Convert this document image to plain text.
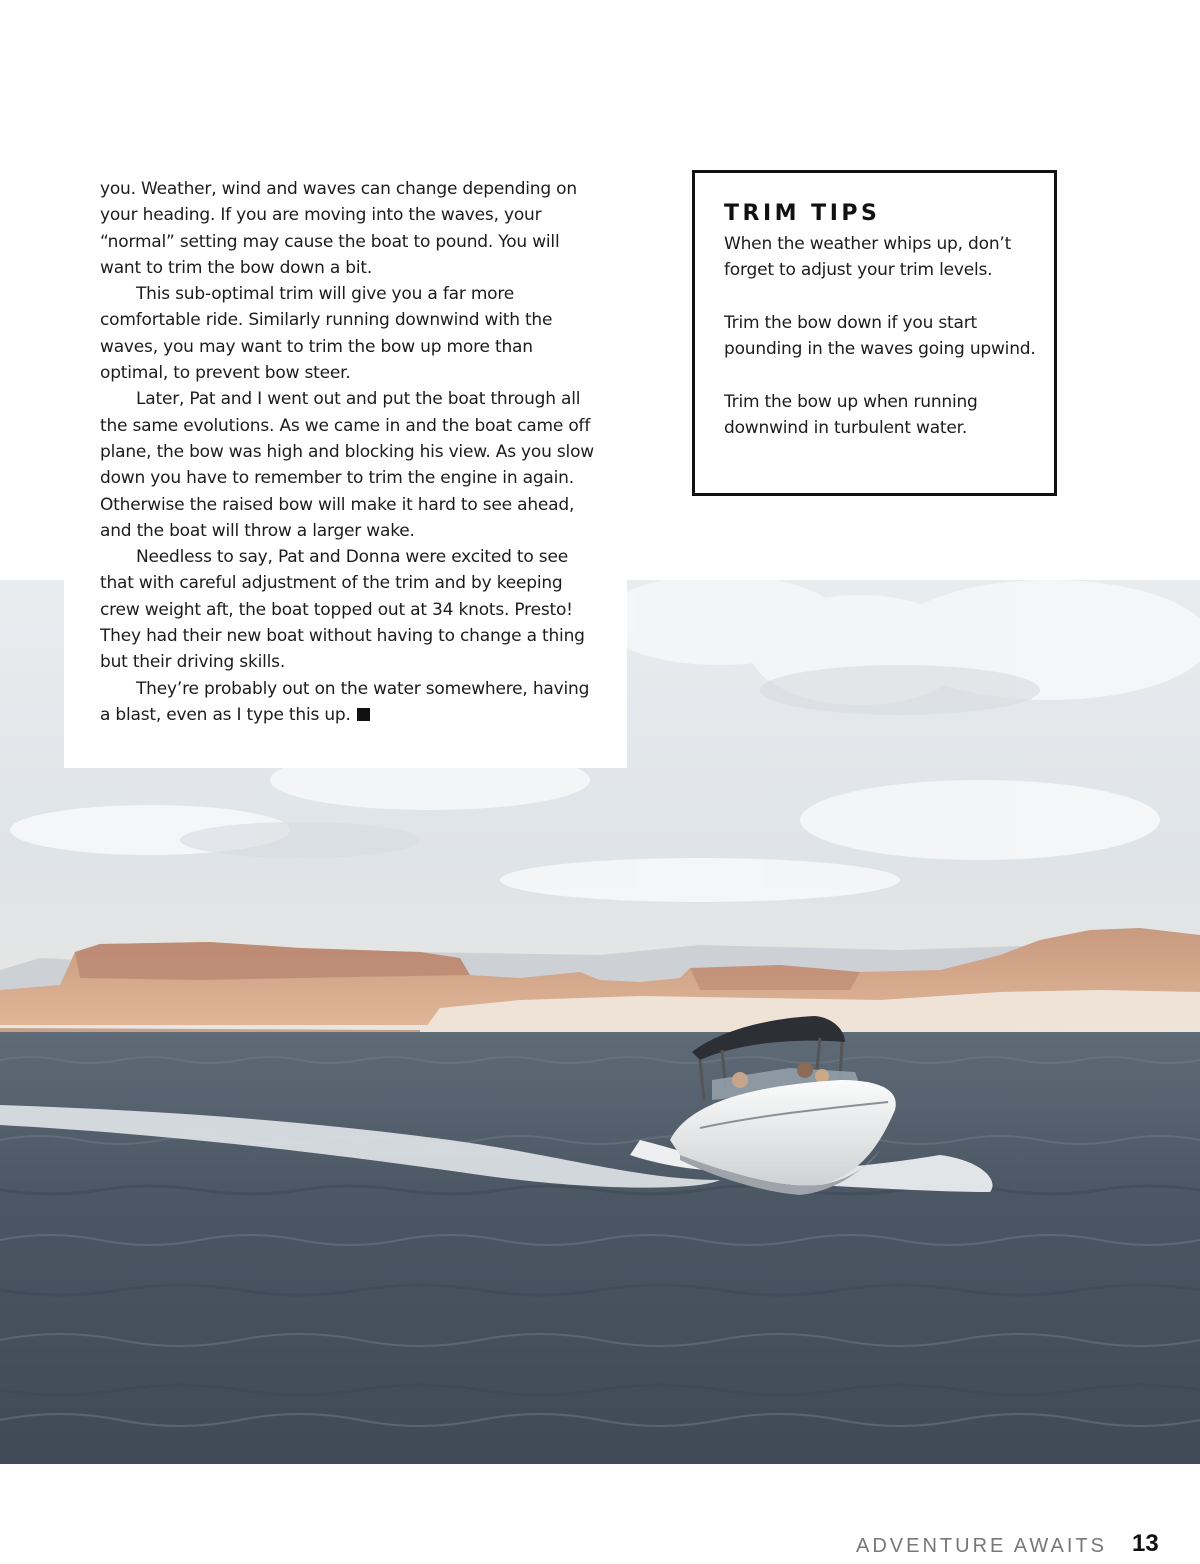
you. Weather, wind and waves can change depending on your heading. If you are moving into the waves, your “normal” setting may cause the boat to pound. You will want to trim the bow down a bit.

This sub-optimal trim will give you a far more comfortable ride. Similarly running downwind with the waves, you may want to trim the bow up more than optimal, to prevent bow steer.

Later, Pat and I went out and put the boat through all the same evolutions. As we came in and the boat came off plane, the bow was high and blocking his view. As you slow down you have to remember to trim the engine in again. Otherwise the raised bow will make it hard to see ahead, and the boat will throw a larger wake.

Needless to say, Pat and Donna were excited to see that with careful adjustment of the trim and by keeping crew weight aft, the boat topped out at 34 knots. Presto! They had their new boat without having to change a thing but their driving skills.

They’re probably out on the water somewhere, having a blast, even as I type this up.

TRIM TIPS

When the weather whips up, don’t forget to adjust your trim levels.

Trim the bow down if you start pounding in the waves going upwind.

Trim the bow up when running downwind in turbulent water.

ADVENTURE AWAITS 13
